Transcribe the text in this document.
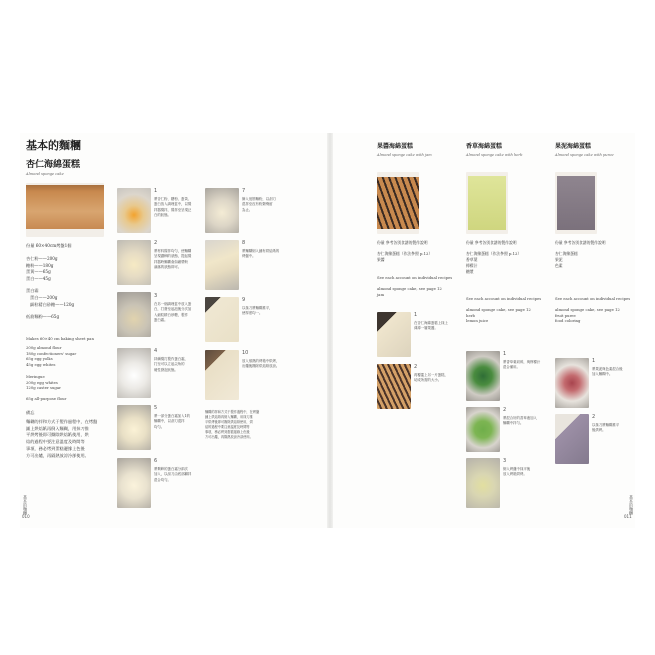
基本的麵糰
杏仁海綿蛋糕
Almond sponge cake
份量 60×40cm烤盤1個
杏仁粉——200g
糖粉——180g
蛋黃——65g
蛋白——45g
蛋白霜
蛋白——200g
細粒精白砂糖——120g
低筋麵粉——65g
Makes 60×40 cm baking sheet pan
200g almond flour
180g confectioners' sugar
65g egg yolks
45g egg whites
Meringue
200g egg whites
120g caster sugar
65g all-purpose flour
備忘
麵糊的拌和方式于製作過程中，在烤盤
鋪上烘焙紙再倒入麵糊，用抹刀推
平烘烤後即可撕除烘焙紙使用，烘
焙的過程中要注意溫度及時間等
事項，務必烤到蛋糕邊緣上色後
方可出爐，再隔熱放涼冷卻使用。
基本的麵糰
010
1
將杏仁粉、糖粉、蛋黃、
蛋白放入調理盆中，以攪
拌器攪拌，攪拌至呈現泛
白的狀態。
2
將材料攪拌均勻，使麵糊
呈現濃稠的狀態，提起攪
拌器時麵糊會如緞帶般
滴落的狀態即可。
3
在另一個調理盆中放入蛋
白，打發至起泡後分次加
入細粒精白砂糖，製作
蛋白霜。
4
持續攪打製作蛋白霜，
打至可以立起尖角的
硬性發泡狀態。
5
將一部分蛋白霜加入1的
麵糊中，以刮刀混拌
均勻。
6
將剩餘的蛋白霜分兩次
加入，以刮刀由底部翻拌
混合均勻。
7
篩入低筋麵粉，以刮刀
混拌至沒有粉類殘留
為止。
8
將麵糊倒入鋪有烘焙紙的
烤盤中。
9
以抹刀將麵糊推平，
使厚度均一。
10
放入預熱的烤箱中烘烤，
出爐後撕除烘焙紙放涼。
麵糊的拌和方式于製作過程中，在烤盤
鋪上烘焙紙再倒入麵糊，用抹刀推
平烘烤後即可撕除烘焙紙使用，烘
焙的過程中要注意溫度及時間等
事項，務必烤到蛋糕邊緣上色後
方可出爐，再隔熱放涼冷卻使用。
果醬海綿蛋糕
Almond sponge cake with jam
份量 參考各別食譜的製作說明
杏仁海綿蛋糕（作法參照 p.12）
果醬
See each account on individual recipes

almond sponge cake, see page 12
jam
1
在杏仁海綿蛋糕上抹上
薄薄一層果醬。
2
再覆蓋上另一片蛋糕，
切成所需的大小。
香草海綿蛋糕
Almond sponge cake with herb
份量 參考各別食譜的製作說明
杏仁海綿蛋糕（作法參照 p.12）
香草葉
檸檬汁
糖漿
See each account on individual recipes

almond sponge cake, see page 12
herb
lemon juice
1
將香草葉切碎，與檸檬汁
混合備用。
2
將混合好的香草液加入
麵糊中拌勻。
3
倒入烤盤中抹平後
放入烤箱烘烤。
果泥海綿蛋糕
Almond sponge cake with puree
份量 參考各別食譜的製作說明
杏仁海綿蛋糕
果泥
色素
See each account on individual recipes

almond sponge cake, see page 12
fruit puree
food coloring
1
將果泥與色素混合後
加入麵糊中。
2
以抹刀將麵糊推平
後烘烤。
基本的麵糰
011
